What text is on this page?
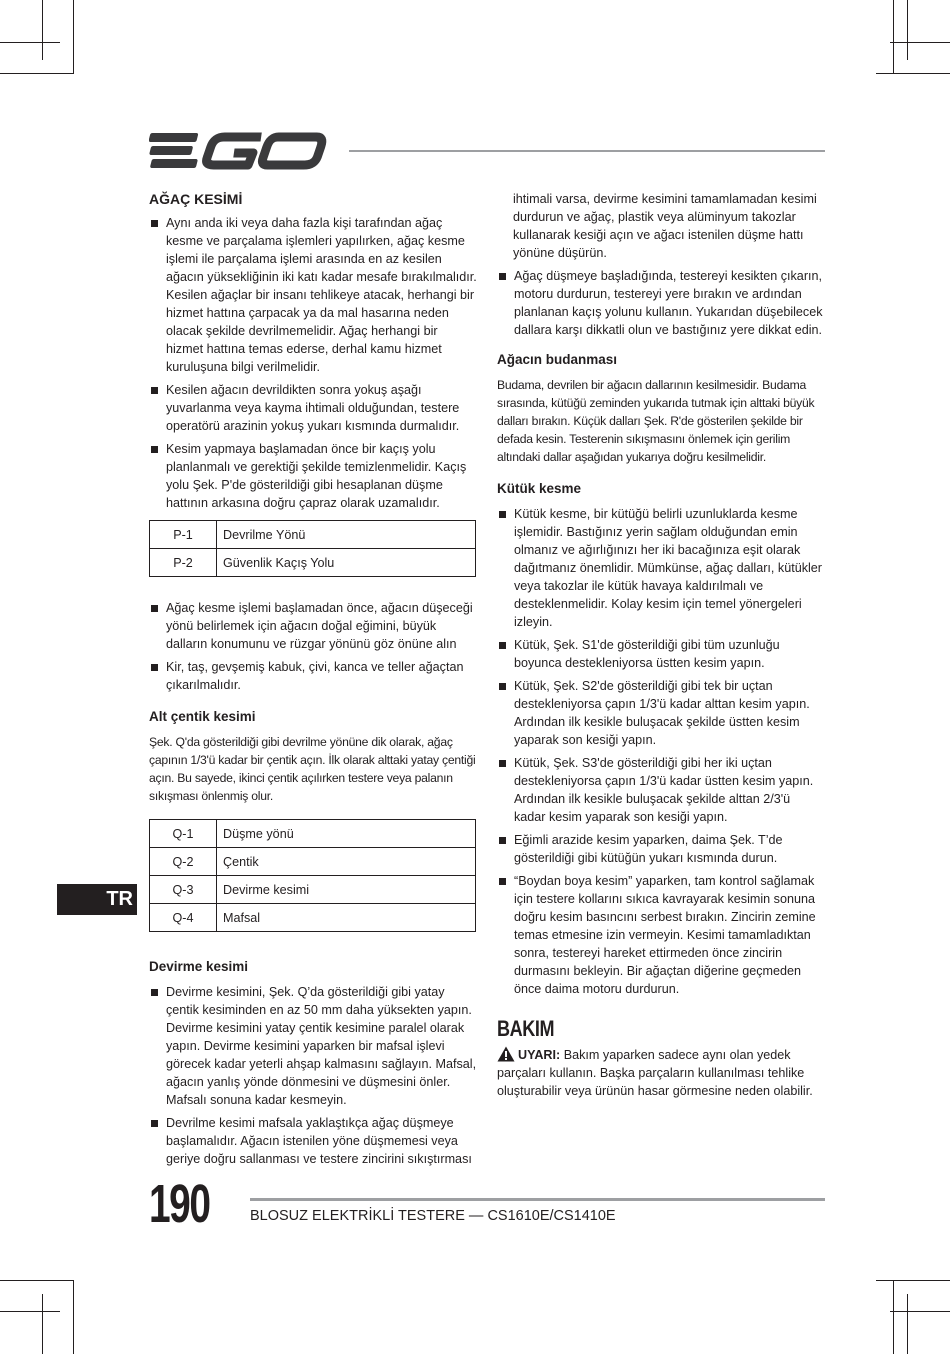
AĞAÇ KESİMİ
Aynı anda iki veya daha fazla kişi tarafından ağaç kesme ve parçalama işlemleri yapılırken, ağaç kesme işlemi ile parçalama işlemi arasında en az kesilen ağacın yüksekliğinin iki katı kadar mesafe bırakılmalıdır. Kesilen ağaçlar bir insanı tehlikeye atacak, herhangi bir hizmet hattına çarpacak ya da mal hasarına neden olacak şekilde devrilmemelidir. Ağaç herhangi bir hizmet hattına temas ederse, derhal kamu hizmet kuruluşuna bilgi verilmelidir.
Kesilen ağacın devrildikten sonra yokuş aşağı yuvarlanma veya kayma ihtimali olduğundan, testere operatörü arazinin yokuş yukarı kısmında durmalıdır.
Kesim yapmaya başlamadan önce bir kaçış yolu planlanmalı ve gerektiği şekilde temizlenmelidir. Kaçış yolu Şek. P'de gösterildiği gibi hesaplanan düşme hattının arkasına doğru çapraz olarak uzamalıdır.
P-1	Devrilme Yönü
P-2	Güvenlik Kaçış Yolu
Ağaç kesme işlemi başlamadan önce, ağacın düşeceği yönü belirlemek için ağacın doğal eğimini, büyük dalların konumunu ve rüzgar yönünü göz önüne alın
Kir, taş, gevşemiş kabuk, çivi, kanca ve teller ağaçtan çıkarılmalıdır.
Alt çentik kesimi

Şek. Q'da gösterildiği gibi devrilme yönüne dik olarak, ağaç çapının 1/3'ü kadar bir çentik açın. İlk olarak alttaki yatay çentiği açın. Bu sayede, ikinci çentik açılırken testere veya palanın sıkışması önlenmiş olur.

Q-1	Düşme yönü
Q-2	Çentik
Q-3	Devirme kesimi
Q-4	Mafsal
Devirme kesimi
Devirme kesimini, Şek. Q’da gösterildiği gibi yatay çentik kesiminden en az 50 mm daha yüksekten yapın. Devirme kesimini yatay çentik kesimine paralel olarak yapın. Devirme kesimini yaparken bir mafsal işlevi görecek kadar yeterli ahşap kalmasını sağlayın. Mafsal, ağacın yanlış yönde dönmesini ve düşmesini önler. Mafsalı sonuna kadar kesmeyin.
Devrilme kesimi mafsala yaklaştıkça ağaç düşmeye başlamalıdır. Ağacın istenilen yöne düşmemesi veya geriye doğru sallanması ve testere zincirini sıkıştırması

ihtimali varsa, devirme kesimini tamamlamadan kesimi durdurun ve ağaç, plastik veya alüminyum takozlar kullanarak kesiği açın ve ağacı istenilen düşme hattı yönüne düşürün.

Ağaç düşmeye başladığında, testereyi kesikten çıkarın, motoru durdurun, testereyi yere bırakın ve ardından planlanan kaçış yolunu kullanın. Yukarıdan düşebilecek dallara karşı dikkatli olun ve bastığınız yere dikkat edin.
Ağacın budanması

Budama, devrilen bir ağacın dallarının kesilmesidir. Budama sırasında, kütüğü zeminden yukarıda tutmak için alttaki büyük dalları bırakın. Küçük dalları Şek. R'de gösterilen şekilde bir defada kesin. Testerenin sıkışmasını önlemek için gerilim altındaki dallar aşağıdan yukarıya doğru kesilmelidir.

Kütük kesme
Kütük kesme, bir kütüğü belirli uzunluklarda kesme işlemidir. Bastığınız yerin sağlam olduğundan emin olmanız ve ağırlığınızı her iki bacağınıza eşit olarak dağıtmanız önemlidir. Mümkünse, ağaç dalları, kütükler veya takozlar ile kütük havaya kaldırılmalı ve desteklenmelidir. Kolay kesim için temel yönergeleri izleyin.
Kütük, Şek. S1'de gösterildiği gibi tüm uzunluğu boyunca destekleniyorsa üstten kesim yapın.
Kütük, Şek. S2'de gösterildiği gibi tek bir uçtan destekleniyorsa çapın 1/3'ü kadar alttan kesim yapın. Ardından ilk kesikle buluşacak şekilde üstten kesim yaparak son kesiği yapın.
Kütük, Şek. S3'de gösterildiği gibi her iki uçtan destekleniyorsa çapın 1/3'ü kadar üstten kesim yapın. Ardından ilk kesikle buluşacak şekilde alttan 2/3'ü kadar kesim yaparak son kesiği yapın.
Eğimli arazide kesim yaparken, daima Şek. T’de gösterildiği gibi kütüğün yukarı kısmında durun.
“Boydan boya kesim” yaparken, tam kontrol sağlamak için testere kollarını sıkıca kavrayarak kesimin sonuna doğru kesim basıncını serbest bırakın. Zincirin zemine temas etmesine izin vermeyin. Kesimi tamamladıktan sonra, testereyi hareket ettirmeden önce zincirin durmasını bekleyin. Bir ağaçtan diğerine geçmeden önce daima motoru durdurun.
BAKIM
UYARI: Bakım yaparken sadece aynı olan yedek parçaları kullanın. Başka parçaların kullanılması tehlike oluşturabilir veya ürünün hasar görmesine neden olabilir.
TR
190	BLOSUZ ELEKTRİKLİ TESTERE — CS1610E/CS1410E
